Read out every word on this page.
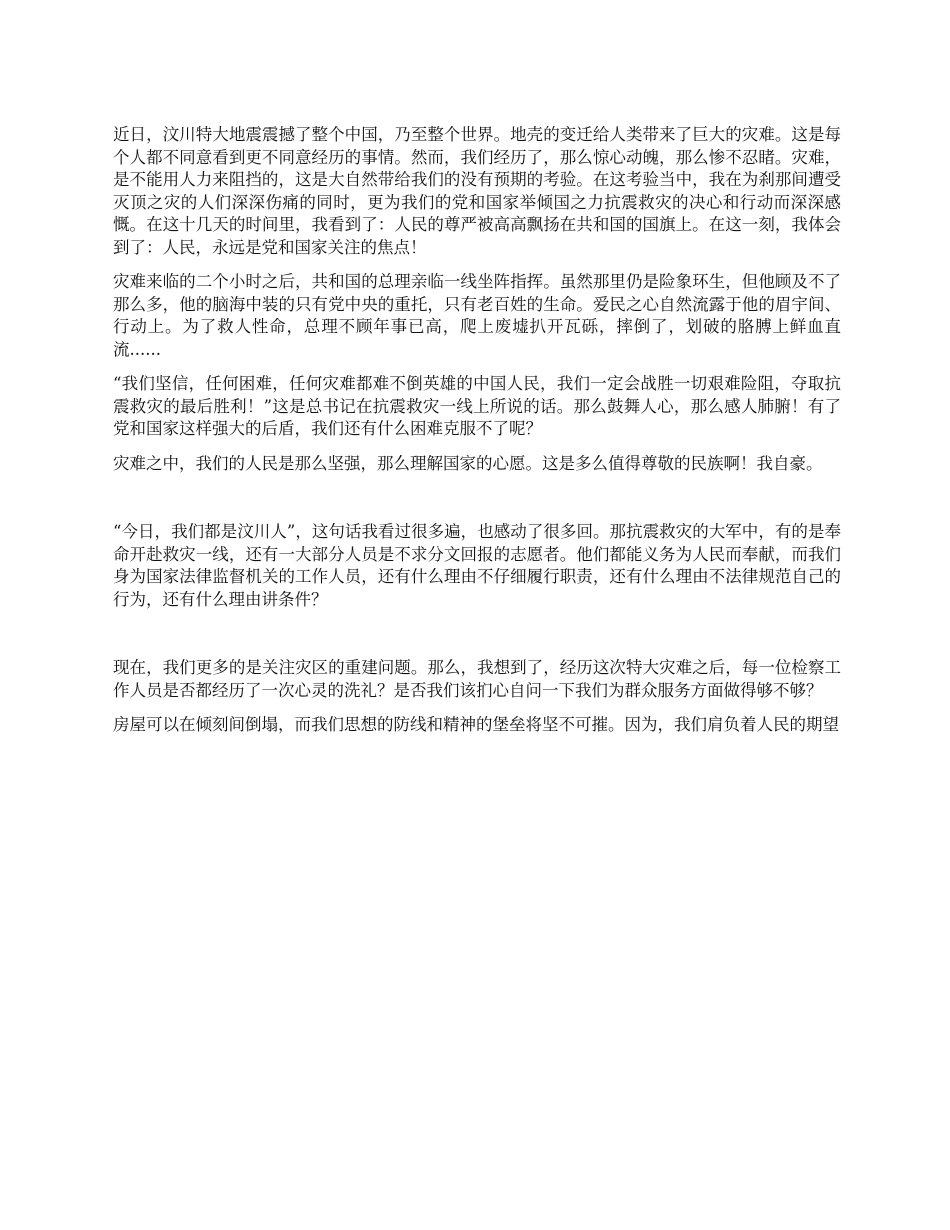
近日，汶川特大地震震撼了整个中国，乃至整个世界。地壳的变迁给人类带来了巨大的灾难。这是每个人都不同意看到更不同意经历的事情。然而，我们经历了，那么惊心动魄，那么惨不忍睹。灾难，是不能用人力来阻挡的，这是大自然带给我们的没有预期的考验。在这考验当中，我在为刹那间遭受灭顶之灾的人们深深伤痛的同时，更为我们的党和国家举倾国之力抗震救灾的决心和行动而深深感慨。在这十几天的时间里，我看到了：人民的尊严被高高飘扬在共和国的国旗上。在这一刻，我体会到了：人民，永远是党和国家关注的焦点！

灾难来临的二个小时之后，共和国的总理亲临一线坐阵指挥。虽然那里仍是险象环生，但他顾及不了那么多，他的脑海中装的只有党中央的重托，只有老百姓的生命。爱民之心自然流露于他的眉宇间、行动上。为了救人性命，总理不顾年事已高，爬上废墟扒开瓦砾，摔倒了，划破的胳膊上鲜血直流......

“我们坚信，任何困难，任何灾难都难不倒英雄的中国人民，我们一定会战胜一切艰难险阻，夺取抗震救灾的最后胜利！”这是总书记在抗震救灾一线上所说的话。那么鼓舞人心，那么感人肺腑！有了党和国家这样强大的后盾，我们还有什么困难克服不了呢？

灾难之中，我们的人民是那么坚强，那么理解国家的心愿。这是多么值得尊敬的民族啊！我自豪。

“今日，我们都是汶川人”，这句话我看过很多遍，也感动了很多回。那抗震救灾的大军中，有的是奉命开赴救灾一线，还有一大部分人员是不求分文回报的志愿者。他们都能义务为人民而奉献，而我们身为国家法律监督机关的工作人员，还有什么理由不仔细履行职责，还有什么理由不法律规范自己的行为，还有什么理由讲条件？

现在，我们更多的是关注灾区的重建问题。那么，我想到了，经历这次特大灾难之后，每一位检察工作人员是否都经历了一次心灵的洗礼？是否我们该扪心自问一下我们为群众服务方面做得够不够？

房屋可以在倾刻间倒塌，而我们思想的防线和精神的堡垒将坚不可摧。因为，我们肩负着人民的期望
